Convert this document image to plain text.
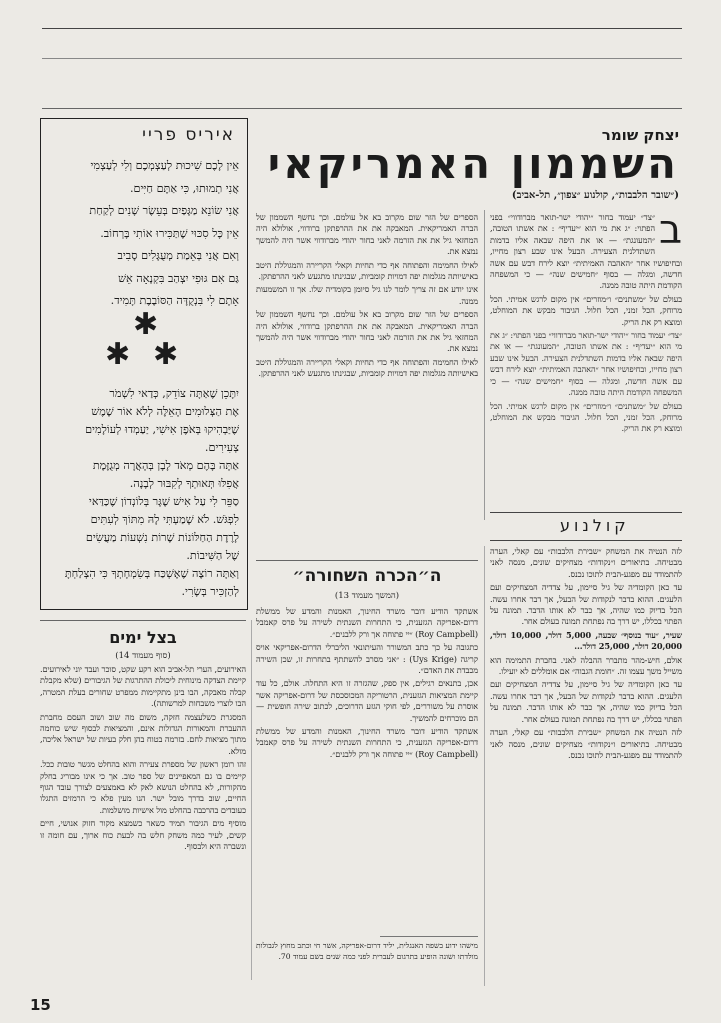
יצחק שומר
השממון האמריקאי
(״שובר הלבבות״, קולנוע ״צפון״, תל-אביב)
ב

״צד״ יעמוד בחור ״יהודי ישר-תואר מברודווי״ בפני הפתוי: ״ג את מי הוא ״יעדיף״ : את אשתו הטובה, ״המעונגת״ — או את היפה שבאה אליו בדמות השתדלנית הצעירה. הבעל אינו שבע רצון מחייו, ובחיפושיו אחר ״האהבה האמיתית״ יוצא לירח דבש עם אשה חדשה, ומגלה — בסוף ״חמישים שנה״ — כי המשפחה הקודמת היתה טובה ממנה.

בעולם של ״משתנים״ ו״מוזרים״ אין מקום לרגש אמיתי. הכל מרוחק, הכל זמני, הכל חלול. הגיבור מבקש את המוחלט, ומוצא רק את הריק.

״צד״ יעמוד בחור ״יהודי ישר-תואר מברודווי״ בפני הפתוי: ״ג את מי הוא ״יעדיף״ : את אשתו הטובה, ״המעונגת״ — או את היפה שבאה אליו בדמות השתדלנית הצעירה. הבעל אינו שבע רצון מחייו, ובחיפושיו אחר ״האהבה האמיתית״ יוצא לירח דבש עם אשה חדשה, ומגלה — בסוף ״חמישים שנה״ — כי המשפחה הקודמת היתה טובה ממנה.

בעולם של ״משתנים״ ו״מוזרים״ אין מקום לרגש אמיתי. הכל מרוחק, הכל זמני, הכל חלול. הגיבור מבקש את המוחלט, ומוצא רק את הריק.

הספרים של הזר שום מקרוב בא אל עולמם. וכך נחשף השממון של הברה האמריקאית. המאבקה את את ההרפתקן ברודווי, אולולא היה המחזאי גיל את את הזרמה לאני בחור יהודי מברודווי אשר היה להמשך נמצא את.

לאילו החמימה והפתוחה אף כדי תחיות וקאלי הקריירה והמגוללת היטב באישיותה מגלמות יפה דמויות קומביות, שבגינתו מתגעש לאני ההרפתקן.

אינו יודע אם זה צריך לומר לנו גיל סיומן בקומדיה שלו. אך זו המשמעות ממנה.

הספרים של הזר שום מקרוב בא אל עולמם. וכך נחשף השממון של הברה האמריקאית. המאבקה את את ההרפתקן ברודווי, אולולא היה המחזאי גיל את את הזרמה לאני בחור יהודי מברודווי אשר היה להמשך נמצא את.

לאילו החמימה והפתוחה אף כדי תחיות וקאלי הקריירה והמגוללת היטב באישיותה מגלמות יפה דמויות קומביות, שבגינתו מתגעש לאני ההרפתקן.

קולנוע

לזה הנטיה את המשחק ״שבירת הלבבות״ עם קאלי, הערה מבטיחה. בתיאורים ו״נקודות״ מצחיקים שונים, מנסה לאני להתמודד עם מפגע-הבית לתוכו נכנס.

עד כאן הקומדיה של גיל סיימון, על צדדיה המצחיקים ועם הלעגים. ההוא בדבר לנקודות של הבעל, אך דבר אחרו עשה. הכל בדיוק כמו שהיה, אך כבר לא אותו הדבר. תמונה על הפתוי בכללו, יש דרך בה נפתחת תמונה בעולם אחר.

שעיר, ״עוד בנוסף״ שבעה, 5,000 דולר, 10,000 דולר, 20,000 דולר, 25,000 דולר...

אולם, חיש-מהר מתברר ההבלה לאני. בחברת התמימה הוא משייל משך עצמו זה. ״חומת הגבוה״ אם אומללים לא יועילו.

עד כאן הקומדיה של גיל סיימון, על צדדיה המצחיקים ועם הלעגים. ההוא בדבר לנקודות של הבעל, אך דבר אחרו עשה. הכל בדיוק כמו שהיה, אך כבר לא אותו הדבר. תמונה על הפתוי בכללו, יש דרך בה נפתחת תמונה בעולם אחר.

לזה הנטיה את המשחק ״שבירת הלבבות״ עם קאלי, הערה מבטיחה. בתיאורים ו״נקודות״ מצחיקים שונים, מנסה לאני להתמודד עם מפגע-הבית לתוכו נכנס.

ה״הכרה השחורה״
(המשך מעמוד 13)

אשתקד הודיע דובר משרד החינוך, האמנות והמדע של ממשלת דרום-אפריקה הגזענית, כי התחרות השנתית לשירה על פרס קאמבל (Roy Campbell) ״יי פתוחה אך ורק ללבנים״.

כתגובה על כך כתב המשורר והעיתונאי הליברלי הדרום-אפריקאי אויס קריגה (Uys Krige) : ״אני מסרב להשתתף בתחרות זו, שכן השירה מכבדת את האדם״.

אכן, בתנאים רגילים, אין ספק, שהגזרה זו היא התחלה. אולם, כל עוד קיימת המציאות הגזענית, הרטוריקה המכוסכסת של דרום-אפריקה אשר אוסרת על משוררים, לפי חוקי הגזע הדרוכים, לכתוב שירה חופשית — הם מוכרחים להמשיך.

אשתקד הודיע דובר משרד החינוך, האמנות והמדע של ממשלת דרום-אפריקה הגזענית, כי התחרות השנתית לשירה על פרס קאמבל (Roy Campbell) ״יי פתוחה אך ורק ללבנים״.

מישהו ידוע בשפה האנגלית, יליד דרום-אפריקה, אשר חי וכתב מחוץ לגבולות מולדתו ושונה הופיע בתרגום לעברית לפני כמה שנים בשם עמוד 70.
איריס פריי
אֵין לָכֶם שִׁיכוּת לְעַצְמְכֶם וְלִי לְעַצְמִי
אֲנִי תְמוּתוּ, כִּי אַתֶּם חַיִּים.
אֲנִי שׂוֹנֵא מַגָּפַיִם בְּעֵשֶׂר שָׁנִים לְקַחַת
אֵין כָּל סִכּוּי שֶׁתַּכִּירוּ אוֹתִי בָּרְחוֹב.
וְאִם אֲנִי בְּאֵמַת מְעֻגָּלִים סָבִיב
גַּם אִם גּוּפִי יִצְהַב בִּקְנָאָה אֵשׁ
אָתָם לִי בִּנְקֻדָּה הַסּוֹבֶבֶת תָּמִיד.
✱
✱ ✱
יִתָּכֵן שֶׁאַתָּה צוֹדֵק, כְּדַאי לִשְׁמֹר
אֶת הַצְּלוּמִים הָאֵלֶּה לְלֹא אוֹר שֶׁמֶשׁ
שֶׁיַּבְהִיקוּ בְּאֹפֶן אִישִׁי, יַעַמְדוּ לְעוֹלָמִים
צְעִירִים.
אַתָּה בָּהֶם מְאֹד לָבָן בְּהָאֲרָה מְגֻזֶּמֶת
אֲפִלּוּ תְּאוּתְךָ לְקִבּוּר לְבָנָה.
סַפֵּר לִי עַל אִישׁ שֶׁגָּר בְּלוֹנְדוֹן שֶׁכַּדַּאי
לִפְגֹּשׁ. לֹא שָׁמַעְתִּי לָהּ מִתּוֹךְ לְעִתִּים
לָרֶדֶת הַחַלּוֹנוֹת שֶׁרוֹת נִשְׁעוֹת מַעֲשִׂים
שֶׁל הַשִּׁיבוֹת.
וְאַתָּה רוֹצֶה שֶׁאֶשְׁכַּח בְּשִׂמְחָתְךָ כִּי הִצְלַחְתָּ
לְהַזְכִּיר בְּשָׂרִי.
בצל ימים
(סוף מעמוד 14)

האירועים, הערי תל-אביב הוא רקע שקט, סוכר ועבד יוני לאירועים. קיימת הצדקה מינוחית ליכולת ההתרגות של הגיבורים (שלא מקבלת קבלה מאבקה, הבו בינן מתקיימות ממפרט שחורים בעלת המטרה, הבו לוצרי משבחות למרשותה).

המסגרת כשלעצמה חזקה, משום מה שוב ושוב העסם מחברת ההעברת והמאורות הגדולות אינם, והמציאות לבסוף שיש כוחמה מתוך מציאות לחם. בזרמה בטוח בהן חלק בעיות של ישראל אליכה, מולא.

זהו רומן ראשון של מספרת צעירה והוא בהחלט מגשר טובות ככל. קיימים בו גם המאפיינים של ספר טוב. אך כי אינו מבוריג בחלק מהקורות, לא בהחלט הנושא לאק לא באמצעים לצורך עובד הגוף החיים, שוב בדרך מובל ישר. הנו מעין פלא כי הרמזים התגלו כעובדים בהרכבה בהחלט מול אישיות מושלמות.

מוסיף מים הגיבור תמיד כשאר כשמצא מקור חזוק אנושי, חיים קשים, לעיר כמה משחק חלש בה לבעת כוח ארוך, עם חומה זו ונשברה היא ולבסוף.

15
